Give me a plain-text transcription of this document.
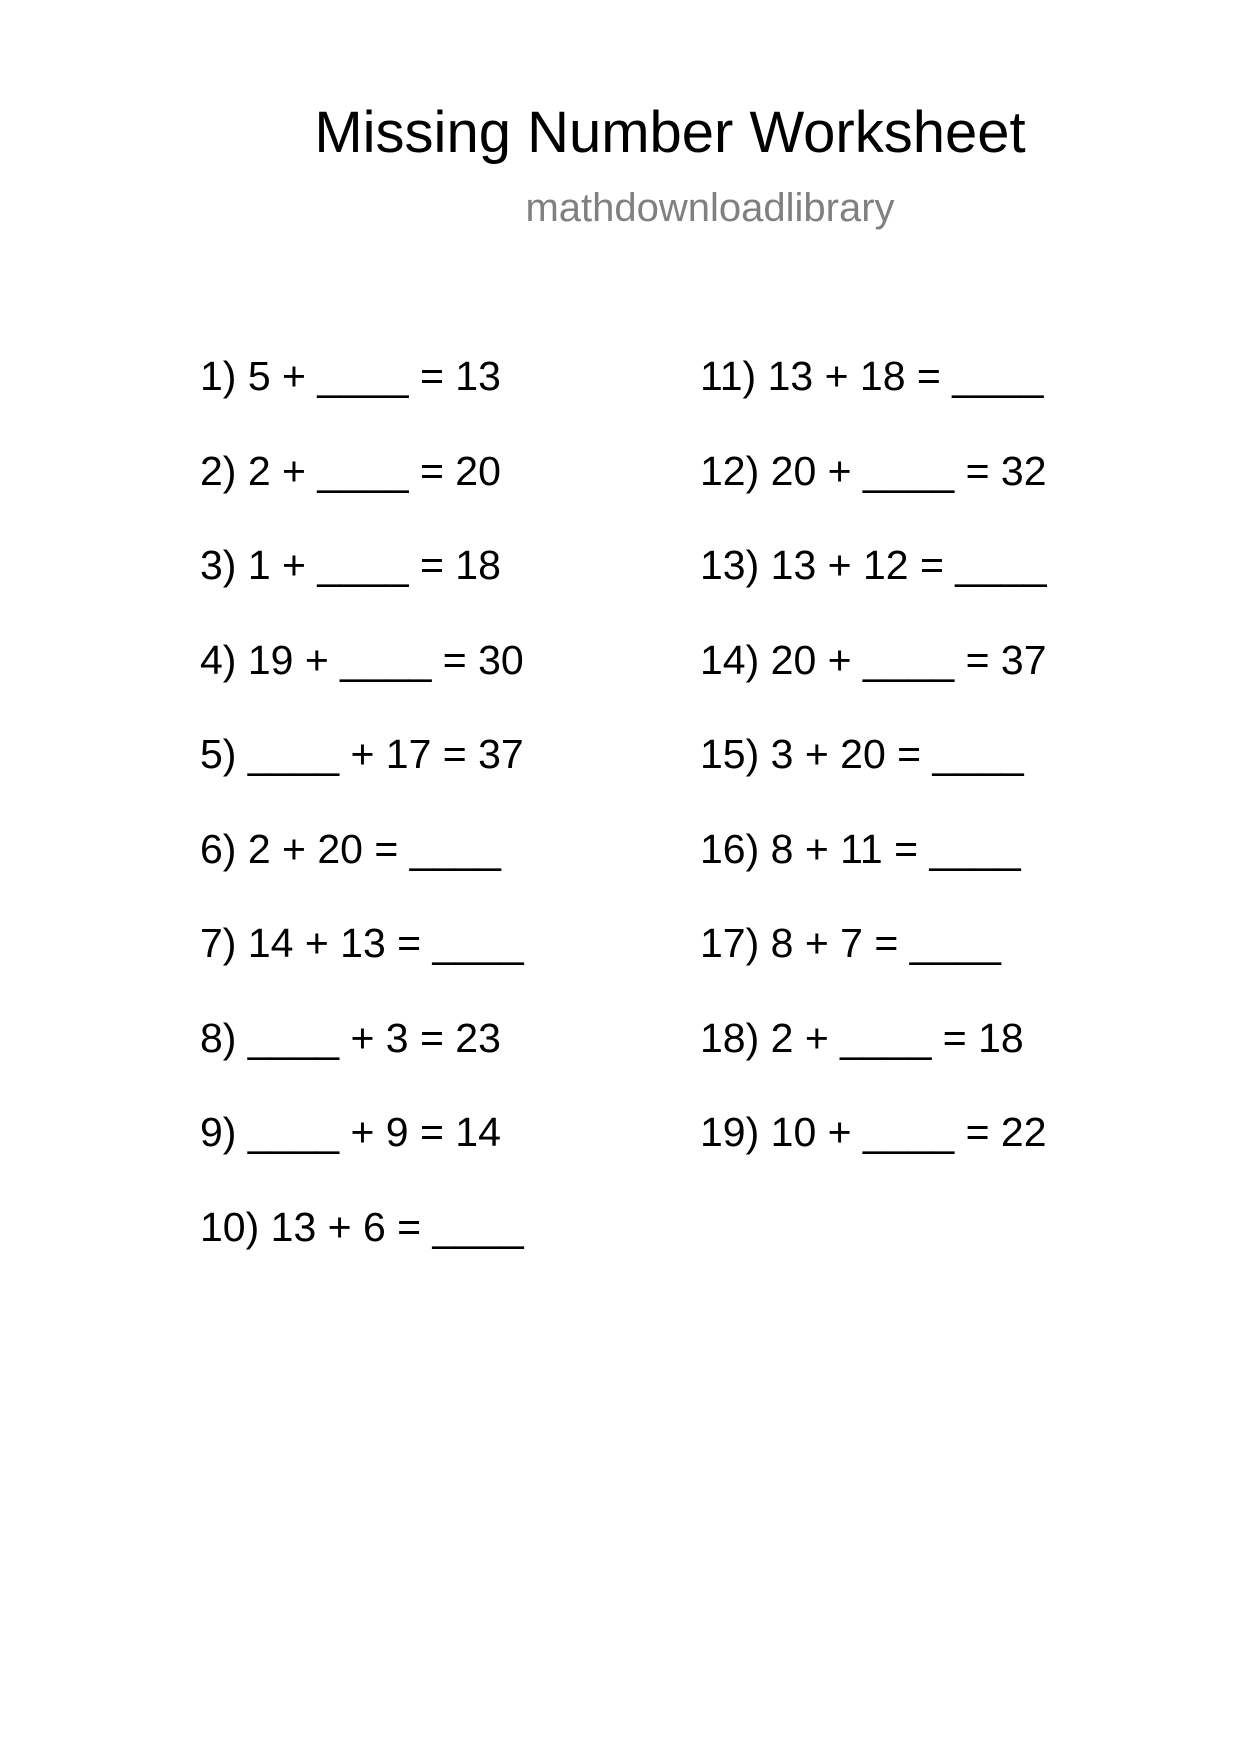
Missing Number Worksheet
mathdownloadlibrary
1) 5 + ____ = 13
2) 2 + ____ = 20
3) 1 + ____ = 18
4) 19 + ____ = 30
5) ____ + 17 = 37
6) 2 + 20 = ____
7) 14 + 13 = ____
8) ____ + 3 = 23
9) ____ + 9 = 14
10) 13 + 6 = ____
11) 13 + 18 = ____
12) 20 + ____ = 32
13) 13 + 12 = ____
14) 20 + ____ = 37
15) 3 + 20 = ____
16) 8 + 11 = ____
17) 8 + 7 = ____
18) 2 + ____ = 18
19) 10 + ____ = 22
